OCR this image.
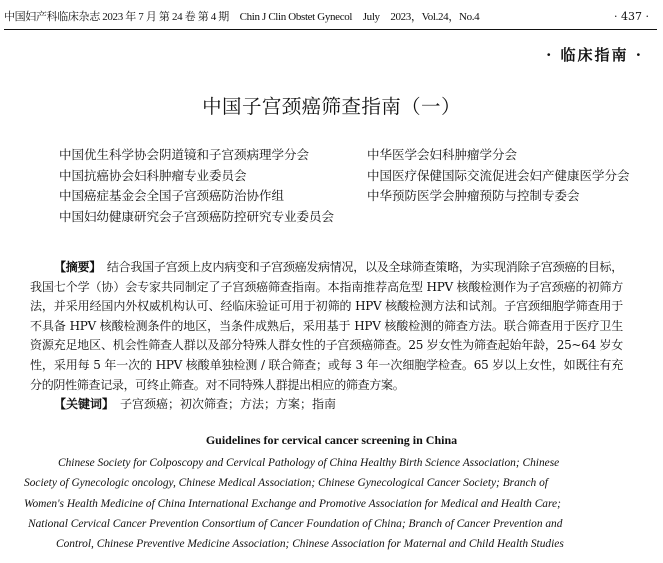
中国妇产科临床杂志 2023 年 7 月 第 24 卷 第 4 期　Chin J Clin Obstet Gynecol　July　2023，Vol.24，No.4	· 437 ·
· 临床指南 ·
中国子宫颈癌筛查指南（一）
中国优生科学协会阴道镜和子宫颈病理学分会	中华医学会妇科肿瘤学分会
中国抗癌协会妇科肿瘤专业委员会	中国医疗保健国际交流促进会妇产健康医学分会
中国癌症基金会全国子宫颈癌防治协作组	中华预防医学会肿瘤预防与控制专委会
中国妇幼健康研究会子宫颈癌防控研究专业委员会

【摘要】 结合我国子宫颈上皮内病变和子宫颈癌发病情况，以及全球筛查策略，为实现消除子宫颈癌的目标，我国七个学（协）会专家共同制定了子宫颈癌筛查指南。本指南推荐高危型 HPV 核酸检测作为子宫颈癌的初筛方法，并采用经国内外权威机构认可、经临床验证可用于初筛的 HPV 核酸检测方法和试剂。子宫颈细胞学筛查用于不具备 HPV 核酸检测条件的地区，当条件成熟后，采用基于 HPV 核酸检测的筛查方法。联合筛查用于医疗卫生资源充足地区、机会性筛查人群以及部分特殊人群女性的子宫颈癌筛查。25 岁女性为筛查起始年龄，25~64 岁女性，采用每 5 年一次的 HPV 核酸单独检测 / 联合筛查；或每 3 年一次细胞学检查。65 岁以上女性，如既往有充分的阴性筛查记录，可终止筛查。对不同特殊人群提出相应的筛查方案。

【关键词】 子宫颈癌；初次筛查；方法；方案；指南
Guidelines for cervical cancer screening in China
Chinese Society for Colposcopy and Cervical Pathology of China Healthy Birth Science Association; Chinese
Society of Gynecologic oncology, Chinese Medical Association; Chinese Gynecological Cancer Society; Branch of
Women's Health Medicine of China International Exchange and Promotive Association for Medical and Health Care;
National Cervical Cancer Prevention Consortium of Cancer Foundation of China; Branch of Cancer Prevention and
Control, Chinese Preventive Medicine Association; Chinese Association for Maternal and Child Health Studies
